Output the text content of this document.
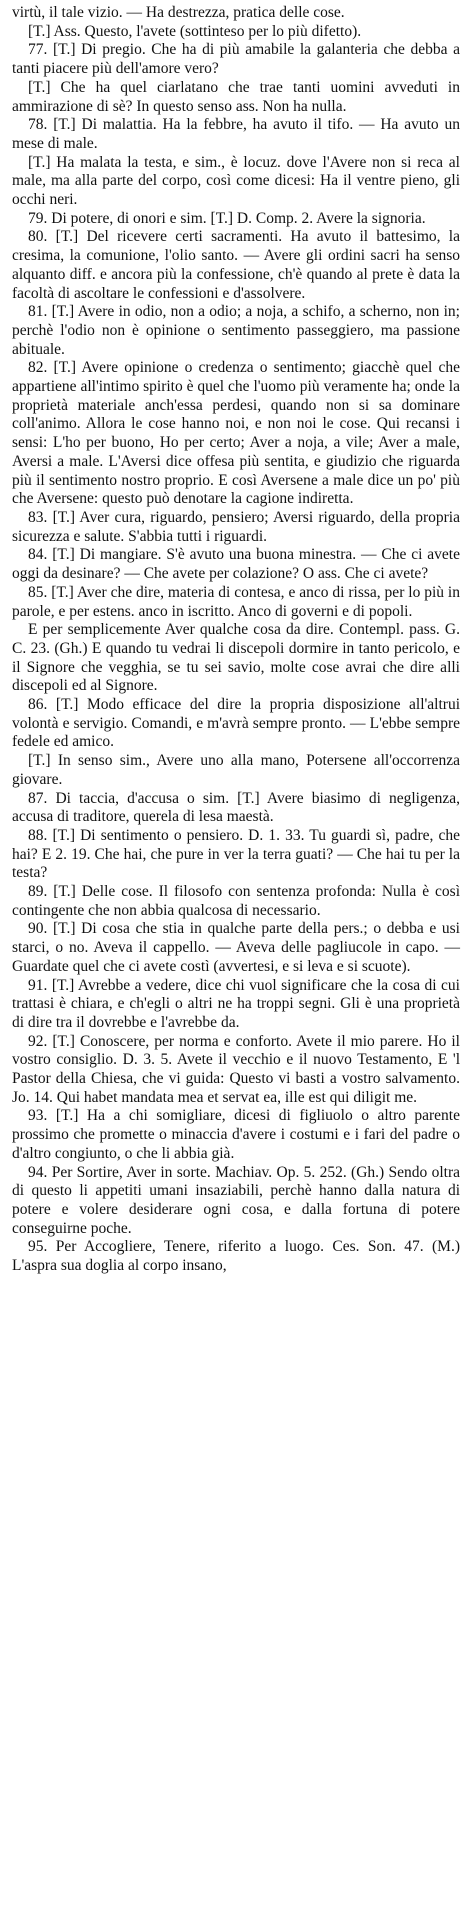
virtù, il tale vizio. — Ha destrezza, pratica delle cose.

[T.] Ass. Questo, l'avete (sottinteso per lo più difetto).

77. [T.] Di pregio. Che ha di più amabile la galanteria che debba a tanti piacere più dell'amore vero?

[T.] Che ha quel ciarlatano che trae tanti uomini avveduti in ammirazione di sè? In questo senso ass. Non ha nulla.

78. [T.] Di malattia. Ha la febbre, ha avuto il tifo. — Ha avuto un mese di male.

[T.] Ha malata la testa, e sim., è locuz. dove l'Avere non si reca al male, ma alla parte del corpo, così come dicesi: Ha il ventre pieno, gli occhi neri.

79. Di potere, di onori e sim. [T.] D. Comp. 2. Avere la signoria.

80. [T.] Del ricevere certi sacramenti. Ha avuto il battesimo, la cresima, la comunione, l'olio santo. — Avere gli ordini sacri ha senso alquanto diff. e ancora più la confessione, ch'è quando al prete è data la facoltà di ascoltare le confessioni e d'assolvere.

81. [T.] Avere in odio, non a odio; a noja, a schifo, a scherno, non in; perchè l'odio non è opinione o sentimento passeggiero, ma passione abituale.

82. [T.] Avere opinione o credenza o sentimento; giacchè quel che appartiene all'intimo spirito è quel che l'uomo più veramente ha; onde la proprietà materiale anch'essa perdesi, quando non si sa dominare coll'animo. Allora le cose hanno noi, e non noi le cose. Qui recansi i sensi: L'ho per buono, Ho per certo; Aver a noja, a vile; Aver a male, Aversi a male. L'Aversi dice offesa più sentita, e giudizio che riguarda più il sentimento nostro proprio. E così Aversene a male dice un po' più che Aversene: questo può denotare la cagione indiretta.

83. [T.] Aver cura, riguardo, pensiero; Aversi riguardo, della propria sicurezza e salute. S'abbia tutti i riguardi.

84. [T.] Di mangiare. S'è avuto una buona minestra. — Che ci avete oggi da desinare? — Che avete per colazione? O ass. Che ci avete?

85. [T.] Aver che dire, materia di contesa, e anco di rissa, per lo più in parole, e per estens. anco in iscritto. Anco di governi e di popoli.

E per semplicemente Aver qualche cosa da dire. Contempl. pass. G. C. 23. (Gh.) E quando tu vedrai li discepoli dormire in tanto pericolo, e il Signore che vegghia, se tu sei savio, molte cose avrai che dire alli discepoli ed al Signore.

86. [T.] Modo efficace del dire la propria disposizione all'altrui volontà e servigio. Comandi, e m'avrà sempre pronto. — L'ebbe sempre fedele ed amico.

[T.] In senso sim., Avere uno alla mano, Potersene all'occorrenza giovare.

87. Di taccia, d'accusa o sim. [T.] Avere biasimo di negligenza, accusa di traditore, querela di lesa maestà.

88. [T.] Di sentimento o pensiero. D. 1. 33. Tu guardi sì, padre, che hai? E 2. 19. Che hai, che pure in ver la terra guati? — Che hai tu per la testa?

89. [T.] Delle cose. Il filosofo con sentenza profonda: Nulla è così contingente che non abbia qualcosa di necessario.

90. [T.] Di cosa che stia in qualche parte della pers.; o debba e usi starci, o no. Aveva il cappello. — Aveva delle pagliucole in capo. — Guardate quel che ci avete costì (avvertesi, e si leva e si scuote).

91. [T.] Avrebbe a vedere, dice chi vuol significare che la cosa di cui trattasi è chiara, e ch'egli o altri ne ha troppi segni. Gli è una proprietà di dire tra il dovrebbe e l'avrebbe da.

92. [T.] Conoscere, per norma e conforto. Avete il mio parere. Ho il vostro consiglio. D. 3. 5. Avete il vecchio e il nuovo Testamento, E 'l Pastor della Chiesa, che vi guida: Questo vi basti a vostro salvamento. Jo. 14. Qui habet mandata mea et servat ea, ille est qui diligit me.

93. [T.] Ha a chi somigliare, dicesi di figliuolo o altro parente prossimo che promette o minaccia d'avere i costumi e i fari del padre o d'altro congiunto, o che li abbia già.

94. Per Sortire, Aver in sorte. Machiav. Op. 5. 252. (Gh.) Sendo oltra di questo li appetiti umani insaziabili, perchè hanno dalla natura di potere e volere desiderare ogni cosa, e dalla fortuna di potere conseguirne poche.

95. Per Accogliere, Tenere, riferito a luogo. Ces. Son. 47. (M.) L'aspra sua doglia al corpo insano,
